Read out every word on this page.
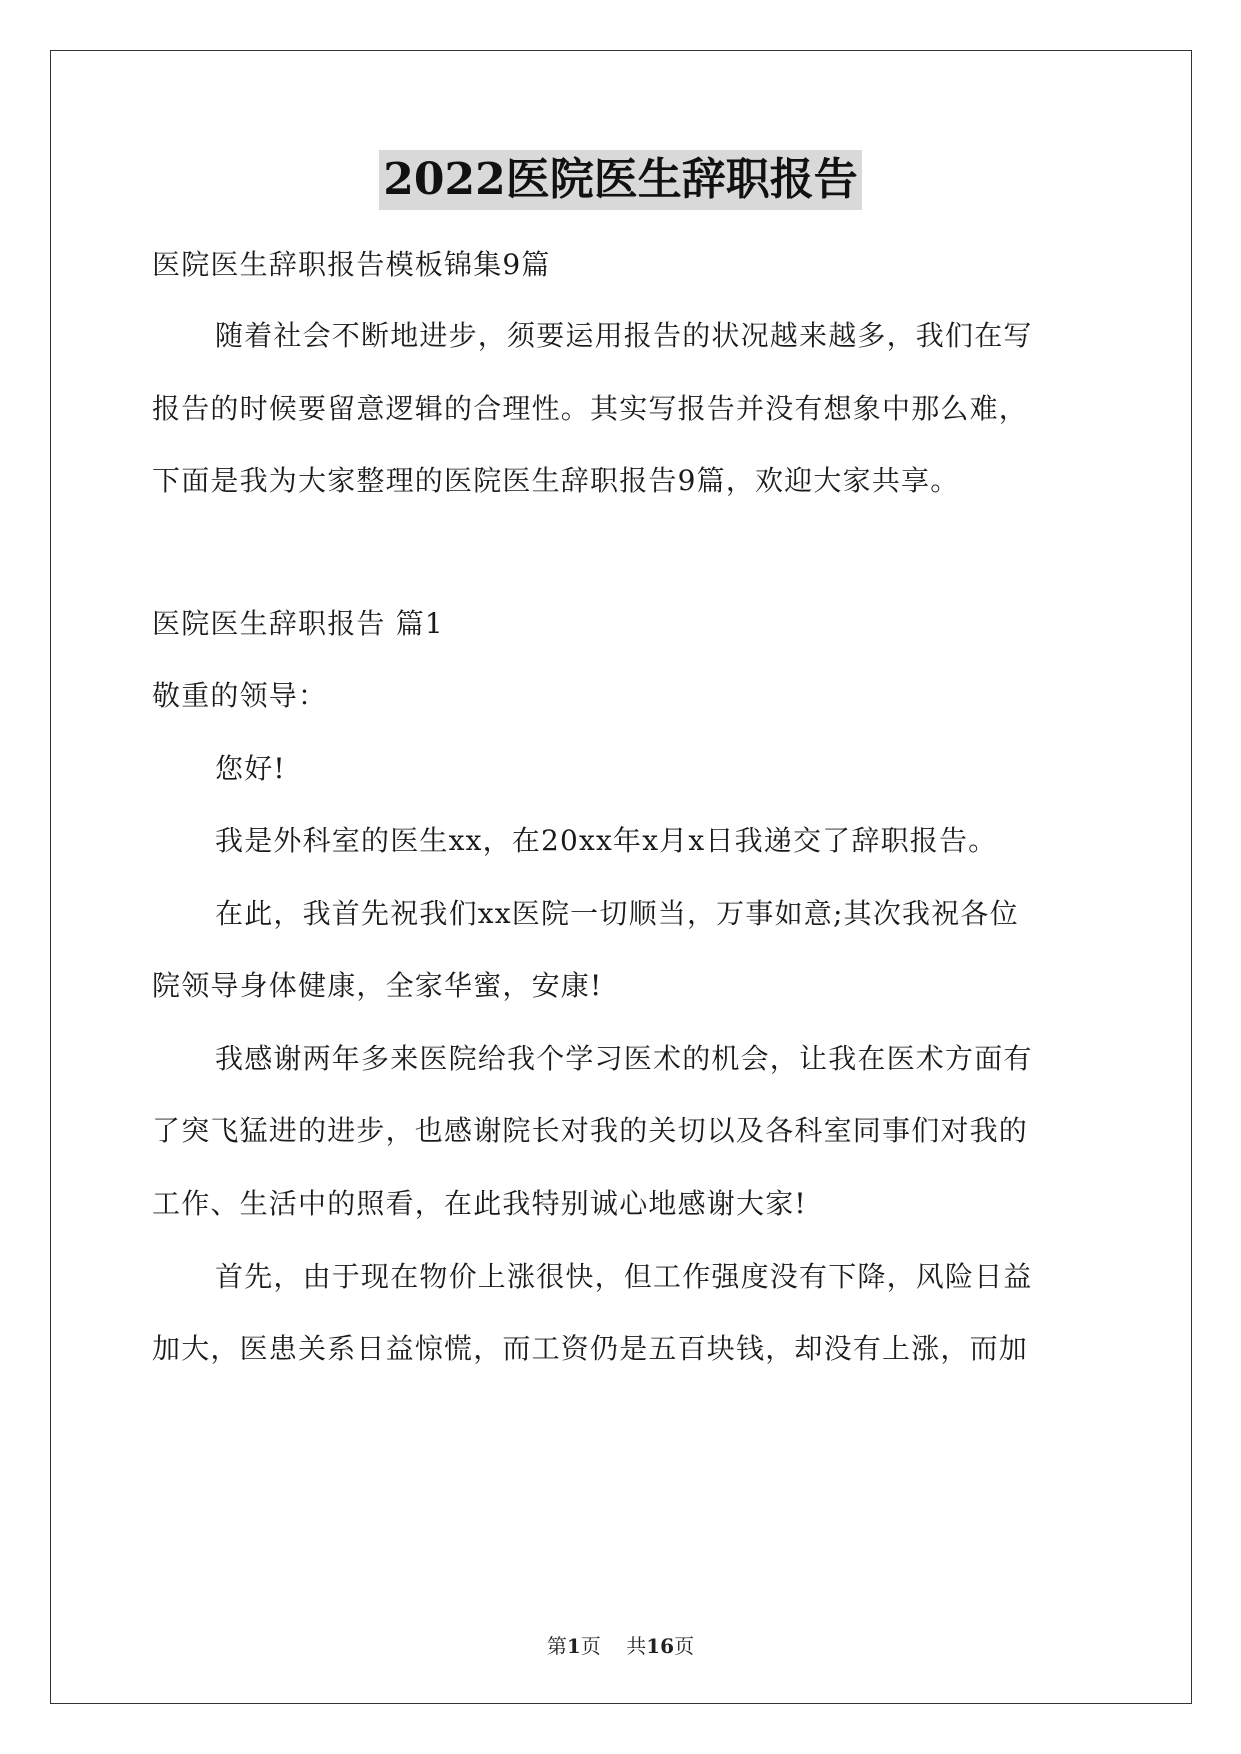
2022医院医生辞职报告
医院医生辞职报告模板锦集9篇
随着社会不断地进步，须要运用报告的状况越来越多，我们在写
报告的时候要留意逻辑的合理性。其实写报告并没有想象中那么难，
下面是我为大家整理的医院医生辞职报告9篇，欢迎大家共享。
医院医生辞职报告 篇1
敬重的领导：
您好!
我是外科室的医生xx，在20xx年x月x日我递交了辞职报告。
在此，我首先祝我们xx医院一切顺当，万事如意;其次我祝各位
院领导身体健康，全家华蜜，安康!
我感谢两年多来医院给我个学习医术的机会，让我在医术方面有
了突飞猛进的进步，也感谢院长对我的关切以及各科室同事们对我的
工作、生活中的照看，在此我特别诚心地感谢大家!
首先，由于现在物价上涨很快，但工作强度没有下降，风险日益
加大，医患关系日益惊慌，而工资仍是五百块钱，却没有上涨，而加
第1页 共16页
